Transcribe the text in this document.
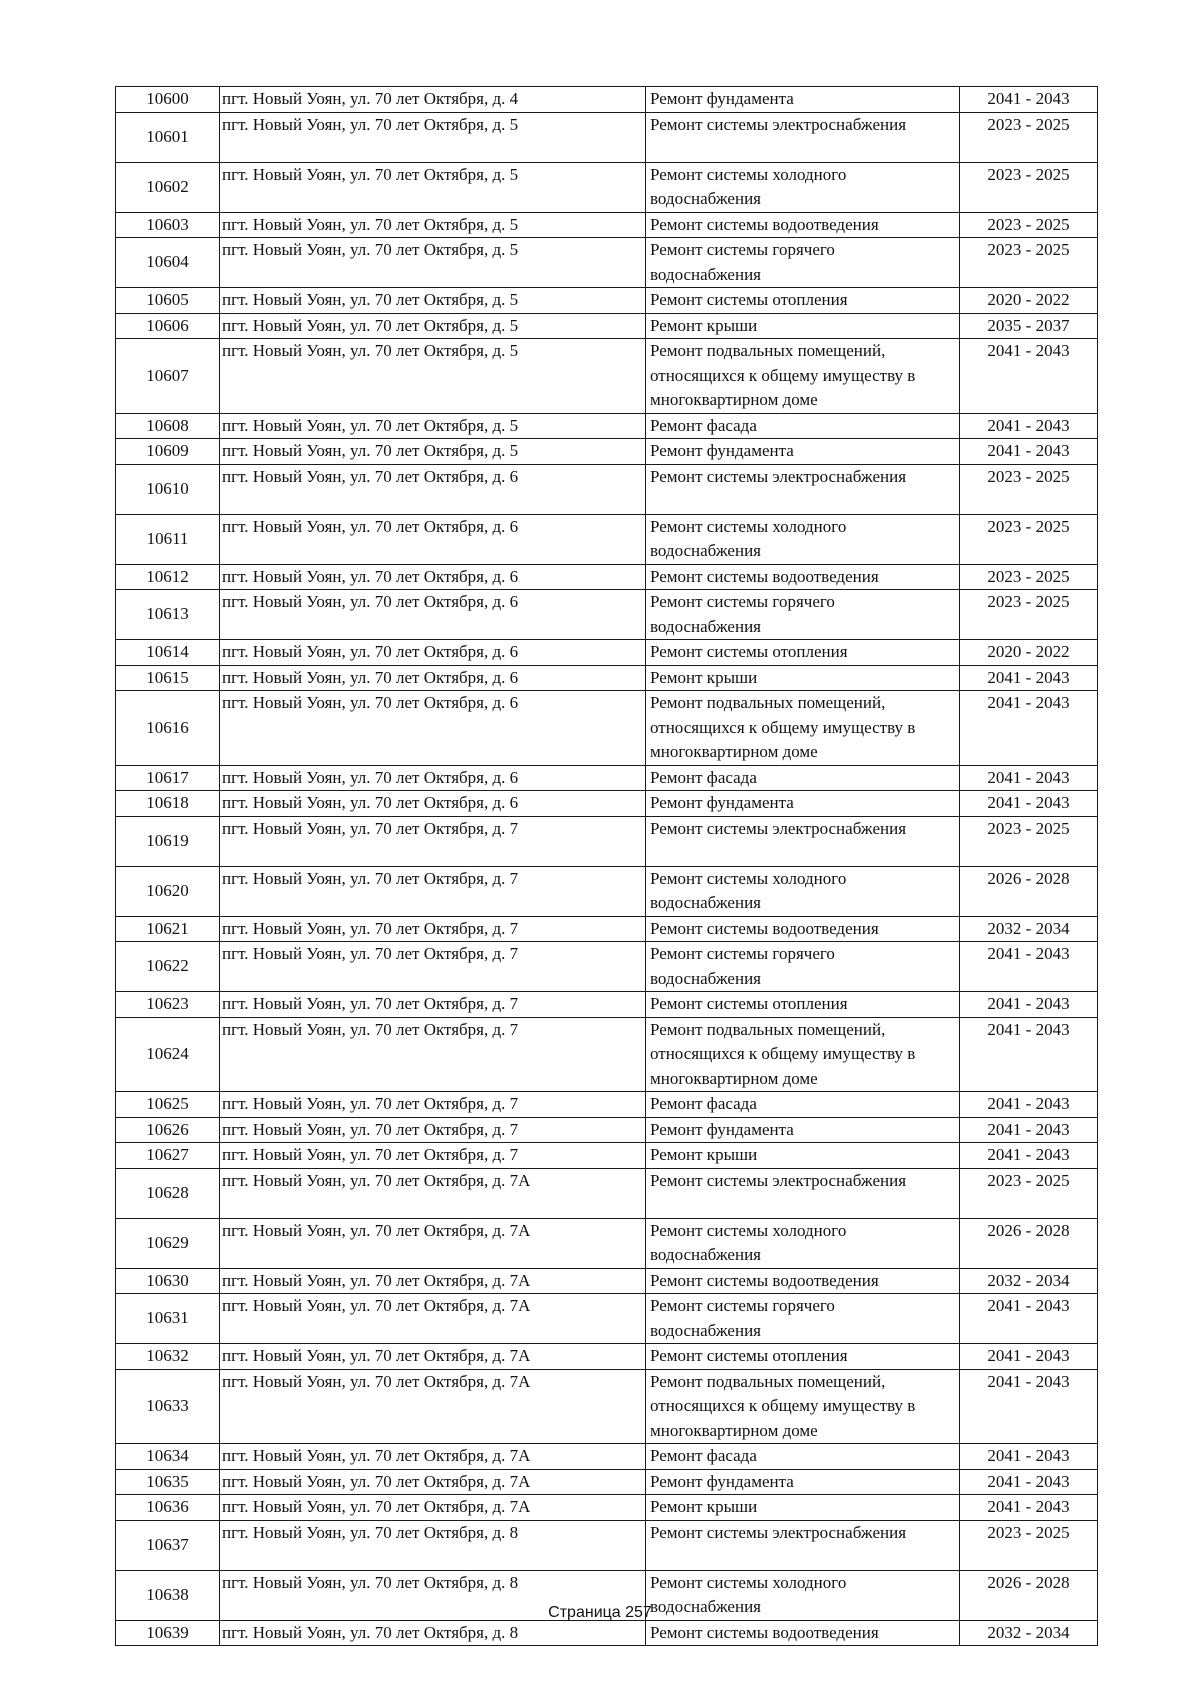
10600	пгт. Новый Уоян, ул. 70 лет Октября, д. 4	Ремонт фундамента	2041 - 2043
10601	пгт. Новый Уоян, ул. 70 лет Октября, д. 5	Ремонт системы электроснабжения	2023 - 2025
10602	пгт. Новый Уоян, ул. 70 лет Октября, д. 5	Ремонт системы холодного
водоснабжения	2023 - 2025
10603	пгт. Новый Уоян, ул. 70 лет Октября, д. 5	Ремонт системы водоотведения	2023 - 2025
10604	пгт. Новый Уоян, ул. 70 лет Октября, д. 5	Ремонт системы горячего
водоснабжения	2023 - 2025
10605	пгт. Новый Уоян, ул. 70 лет Октября, д. 5	Ремонт системы отопления	2020 - 2022
10606	пгт. Новый Уоян, ул. 70 лет Октября, д. 5	Ремонт крыши	2035 - 2037
10607	пгт. Новый Уоян, ул. 70 лет Октября, д. 5	Ремонт подвальных помещений,
относящихся к общему имуществу в
многоквартирном доме	2041 - 2043
10608	пгт. Новый Уоян, ул. 70 лет Октября, д. 5	Ремонт фасада	2041 - 2043
10609	пгт. Новый Уоян, ул. 70 лет Октября, д. 5	Ремонт фундамента	2041 - 2043
10610	пгт. Новый Уоян, ул. 70 лет Октября, д. 6	Ремонт системы электроснабжения	2023 - 2025
10611	пгт. Новый Уоян, ул. 70 лет Октября, д. 6	Ремонт системы холодного
водоснабжения	2023 - 2025
10612	пгт. Новый Уоян, ул. 70 лет Октября, д. 6	Ремонт системы водоотведения	2023 - 2025
10613	пгт. Новый Уоян, ул. 70 лет Октября, д. 6	Ремонт системы горячего
водоснабжения	2023 - 2025
10614	пгт. Новый Уоян, ул. 70 лет Октября, д. 6	Ремонт системы отопления	2020 - 2022
10615	пгт. Новый Уоян, ул. 70 лет Октября, д. 6	Ремонт крыши	2041 - 2043
10616	пгт. Новый Уоян, ул. 70 лет Октября, д. 6	Ремонт подвальных помещений,
относящихся к общему имуществу в
многоквартирном доме	2041 - 2043
10617	пгт. Новый Уоян, ул. 70 лет Октября, д. 6	Ремонт фасада	2041 - 2043
10618	пгт. Новый Уоян, ул. 70 лет Октября, д. 6	Ремонт фундамента	2041 - 2043
10619	пгт. Новый Уоян, ул. 70 лет Октября, д. 7	Ремонт системы электроснабжения	2023 - 2025
10620	пгт. Новый Уоян, ул. 70 лет Октября, д. 7	Ремонт системы холодного
водоснабжения	2026 - 2028
10621	пгт. Новый Уоян, ул. 70 лет Октября, д. 7	Ремонт системы водоотведения	2032 - 2034
10622	пгт. Новый Уоян, ул. 70 лет Октября, д. 7	Ремонт системы горячего
водоснабжения	2041 - 2043
10623	пгт. Новый Уоян, ул. 70 лет Октября, д. 7	Ремонт системы отопления	2041 - 2043
10624	пгт. Новый Уоян, ул. 70 лет Октября, д. 7	Ремонт подвальных помещений,
относящихся к общему имуществу в
многоквартирном доме	2041 - 2043
10625	пгт. Новый Уоян, ул. 70 лет Октября, д. 7	Ремонт фасада	2041 - 2043
10626	пгт. Новый Уоян, ул. 70 лет Октября, д. 7	Ремонт фундамента	2041 - 2043
10627	пгт. Новый Уоян, ул. 70 лет Октября, д. 7	Ремонт крыши	2041 - 2043
10628	пгт. Новый Уоян, ул. 70 лет Октября, д. 7А	Ремонт системы электроснабжения	2023 - 2025
10629	пгт. Новый Уоян, ул. 70 лет Октября, д. 7А	Ремонт системы холодного
водоснабжения	2026 - 2028
10630	пгт. Новый Уоян, ул. 70 лет Октября, д. 7А	Ремонт системы водоотведения	2032 - 2034
10631	пгт. Новый Уоян, ул. 70 лет Октября, д. 7А	Ремонт системы горячего
водоснабжения	2041 - 2043
10632	пгт. Новый Уоян, ул. 70 лет Октября, д. 7А	Ремонт системы отопления	2041 - 2043
10633	пгт. Новый Уоян, ул. 70 лет Октября, д. 7А	Ремонт подвальных помещений,
относящихся к общему имуществу в
многоквартирном доме	2041 - 2043
10634	пгт. Новый Уоян, ул. 70 лет Октября, д. 7А	Ремонт фасада	2041 - 2043
10635	пгт. Новый Уоян, ул. 70 лет Октября, д. 7А	Ремонт фундамента	2041 - 2043
10636	пгт. Новый Уоян, ул. 70 лет Октября, д. 7А	Ремонт крыши	2041 - 2043
10637	пгт. Новый Уоян, ул. 70 лет Октября, д. 8	Ремонт системы электроснабжения	2023 - 2025
10638	пгт. Новый Уоян, ул. 70 лет Октября, д. 8	Ремонт системы холодного
водоснабжения	2026 - 2028
10639	пгт. Новый Уоян, ул. 70 лет Октября, д. 8	Ремонт системы водоотведения	2032 - 2034
Страница 257
